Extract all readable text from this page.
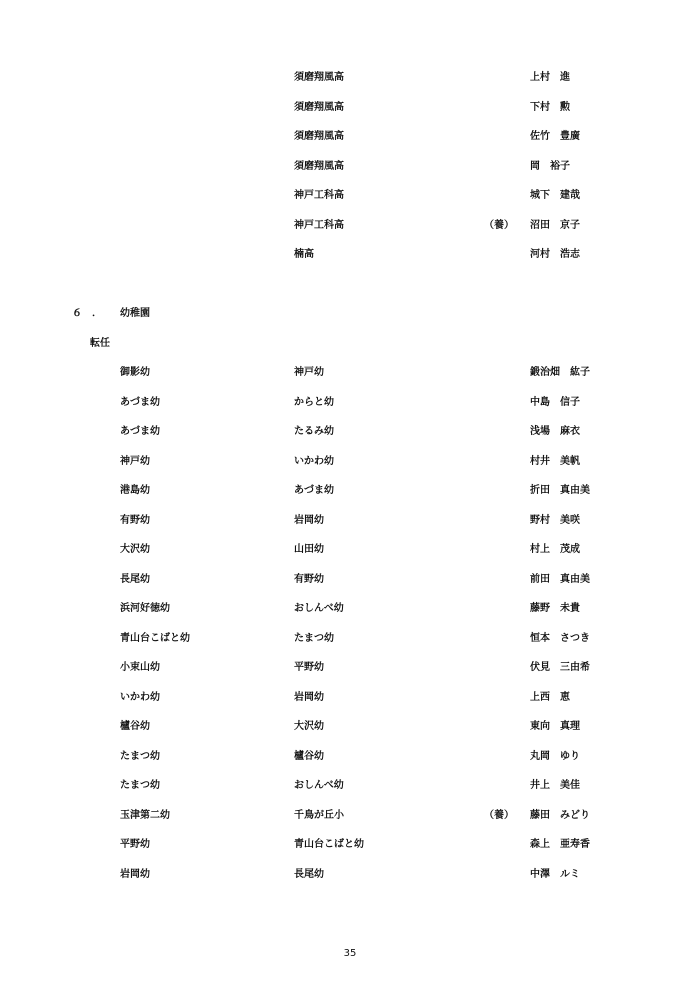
須磨翔風高	上村　進
須磨翔風高	下村　勲
須磨翔風高	佐竹　豊廣
須磨翔風高	岡　裕子
神戸工科高	城下　建哉
神戸工科高	（養） 沼田　京子
楠高	河村　浩志
６　． 幼稚園
転任
御影幼	神戸幼	鍛治畑　紘子
あづま幼	からと幼	中島　信子
あづま幼	たるみ幼	浅場　麻衣
神戸幼	いかわ幼	村井　美帆
港島幼	あづま幼	折田　真由美
有野幼	岩岡幼	野村　美咲
大沢幼	山田幼	村上　茂成
長尾幼	有野幼	前田　真由美
浜河好徳幼	おしんべ幼	藤野　未貴
青山台こばと幼	たまつ幼	恒本　さつき
小束山幼	平野幼	伏見　三由希
いかわ幼	岩岡幼	上西　恵
櫨谷幼	大沢幼	東向　真理
たまつ幼	櫨谷幼	丸岡　ゆり
たまつ幼	おしんべ幼	井上　美佳
玉津第二幼	千鳥が丘小	（養） 藤田　みどり
平野幼	青山台こばと幼	森上　亜寿香
岩岡幼	長尾幼	中澤　ルミ
35
